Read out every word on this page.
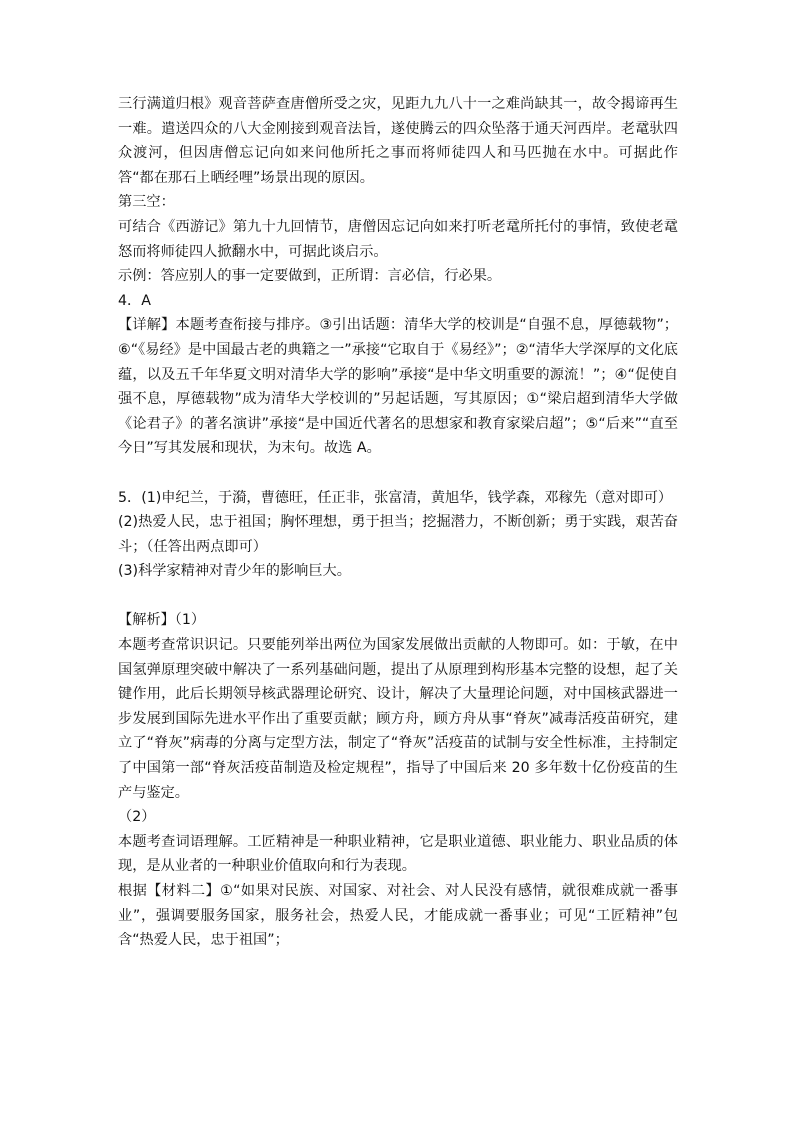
三行满道归根》观音菩萨查唐僧所受之灾，见距九九八十一之难尚缺其一，故令揭谛再生一难。遣送四众的八大金刚接到观音法旨，遂使腾云的四众坠落于通天河西岸。老鼋驮四众渡河，但因唐僧忘记向如来问他所托之事而将师徒四人和马匹抛在水中。可据此作答“都在那石上晒经哩”场景出现的原因。

第三空：

可结合《西游记》第九十九回情节，唐僧因忘记向如来打听老鼋所托付的事情，致使老鼋怒而将师徒四人掀翻水中，可据此谈启示。

示例：答应别人的事一定要做到，正所谓：言必信，行必果。

4．A

【详解】本题考查衔接与排序。③引出话题：清华大学的校训是“自强不息，厚德载物”；⑥“《易经》是中国最古老的典籍之一”承接“它取自于《易经》”；②“清华大学深厚的文化底蕴，以及五千年华夏文明对清华大学的影响”承接“是中华文明重要的源流！”；④“促使自强不息，厚德载物”成为清华大学校训的”另起话题，写其原因；①“梁启超到清华大学做《论君子》的著名演讲”承接“是中国近代著名的思想家和教育家梁启超”；⑤“后来”“直至今日”写其发展和现状，为末句。故选 A。

5．(1)申纪兰，于漪，曹德旺，任正非，张富清，黄旭华，钱学森，邓稼先（意对即可）

(2)热爱人民，忠于祖国；胸怀理想，勇于担当；挖掘潜力，不断创新；勇于实践，艰苦奋斗；（任答出两点即可）

(3)科学家精神对青少年的影响巨大。

【解析】（1）

本题考查常识识记。只要能列举出两位为国家发展做出贡献的人物即可。如：于敏，在中国氢弹原理突破中解决了一系列基础问题，提出了从原理到构形基本完整的设想，起了关键作用，此后长期领导核武器理论研究、设计，解决了大量理论问题，对中国核武器进一步发展到国际先进水平作出了重要贡献；顾方舟，顾方舟从事“脊灰”减毒活疫苗研究，建立了“脊灰”病毒的分离与定型方法，制定了“脊灰”活疫苗的试制与安全性标准，主持制定了中国第一部“脊灰活疫苗制造及检定规程”，指导了中国后来 20 多年数十亿份疫苗的生产与鉴定。

（2）

本题考查词语理解。工匠精神是一种职业精神，它是职业道德、职业能力、职业品质的体现，是从业者的一种职业价值取向和行为表现。

根据【材料二】①“如果对民族、对国家、对社会、对人民没有感情，就很难成就一番事业”，强调要服务国家，服务社会，热爱人民，才能成就一番事业；可见“工匠精神”包含“热爱人民，忠于祖国”；
